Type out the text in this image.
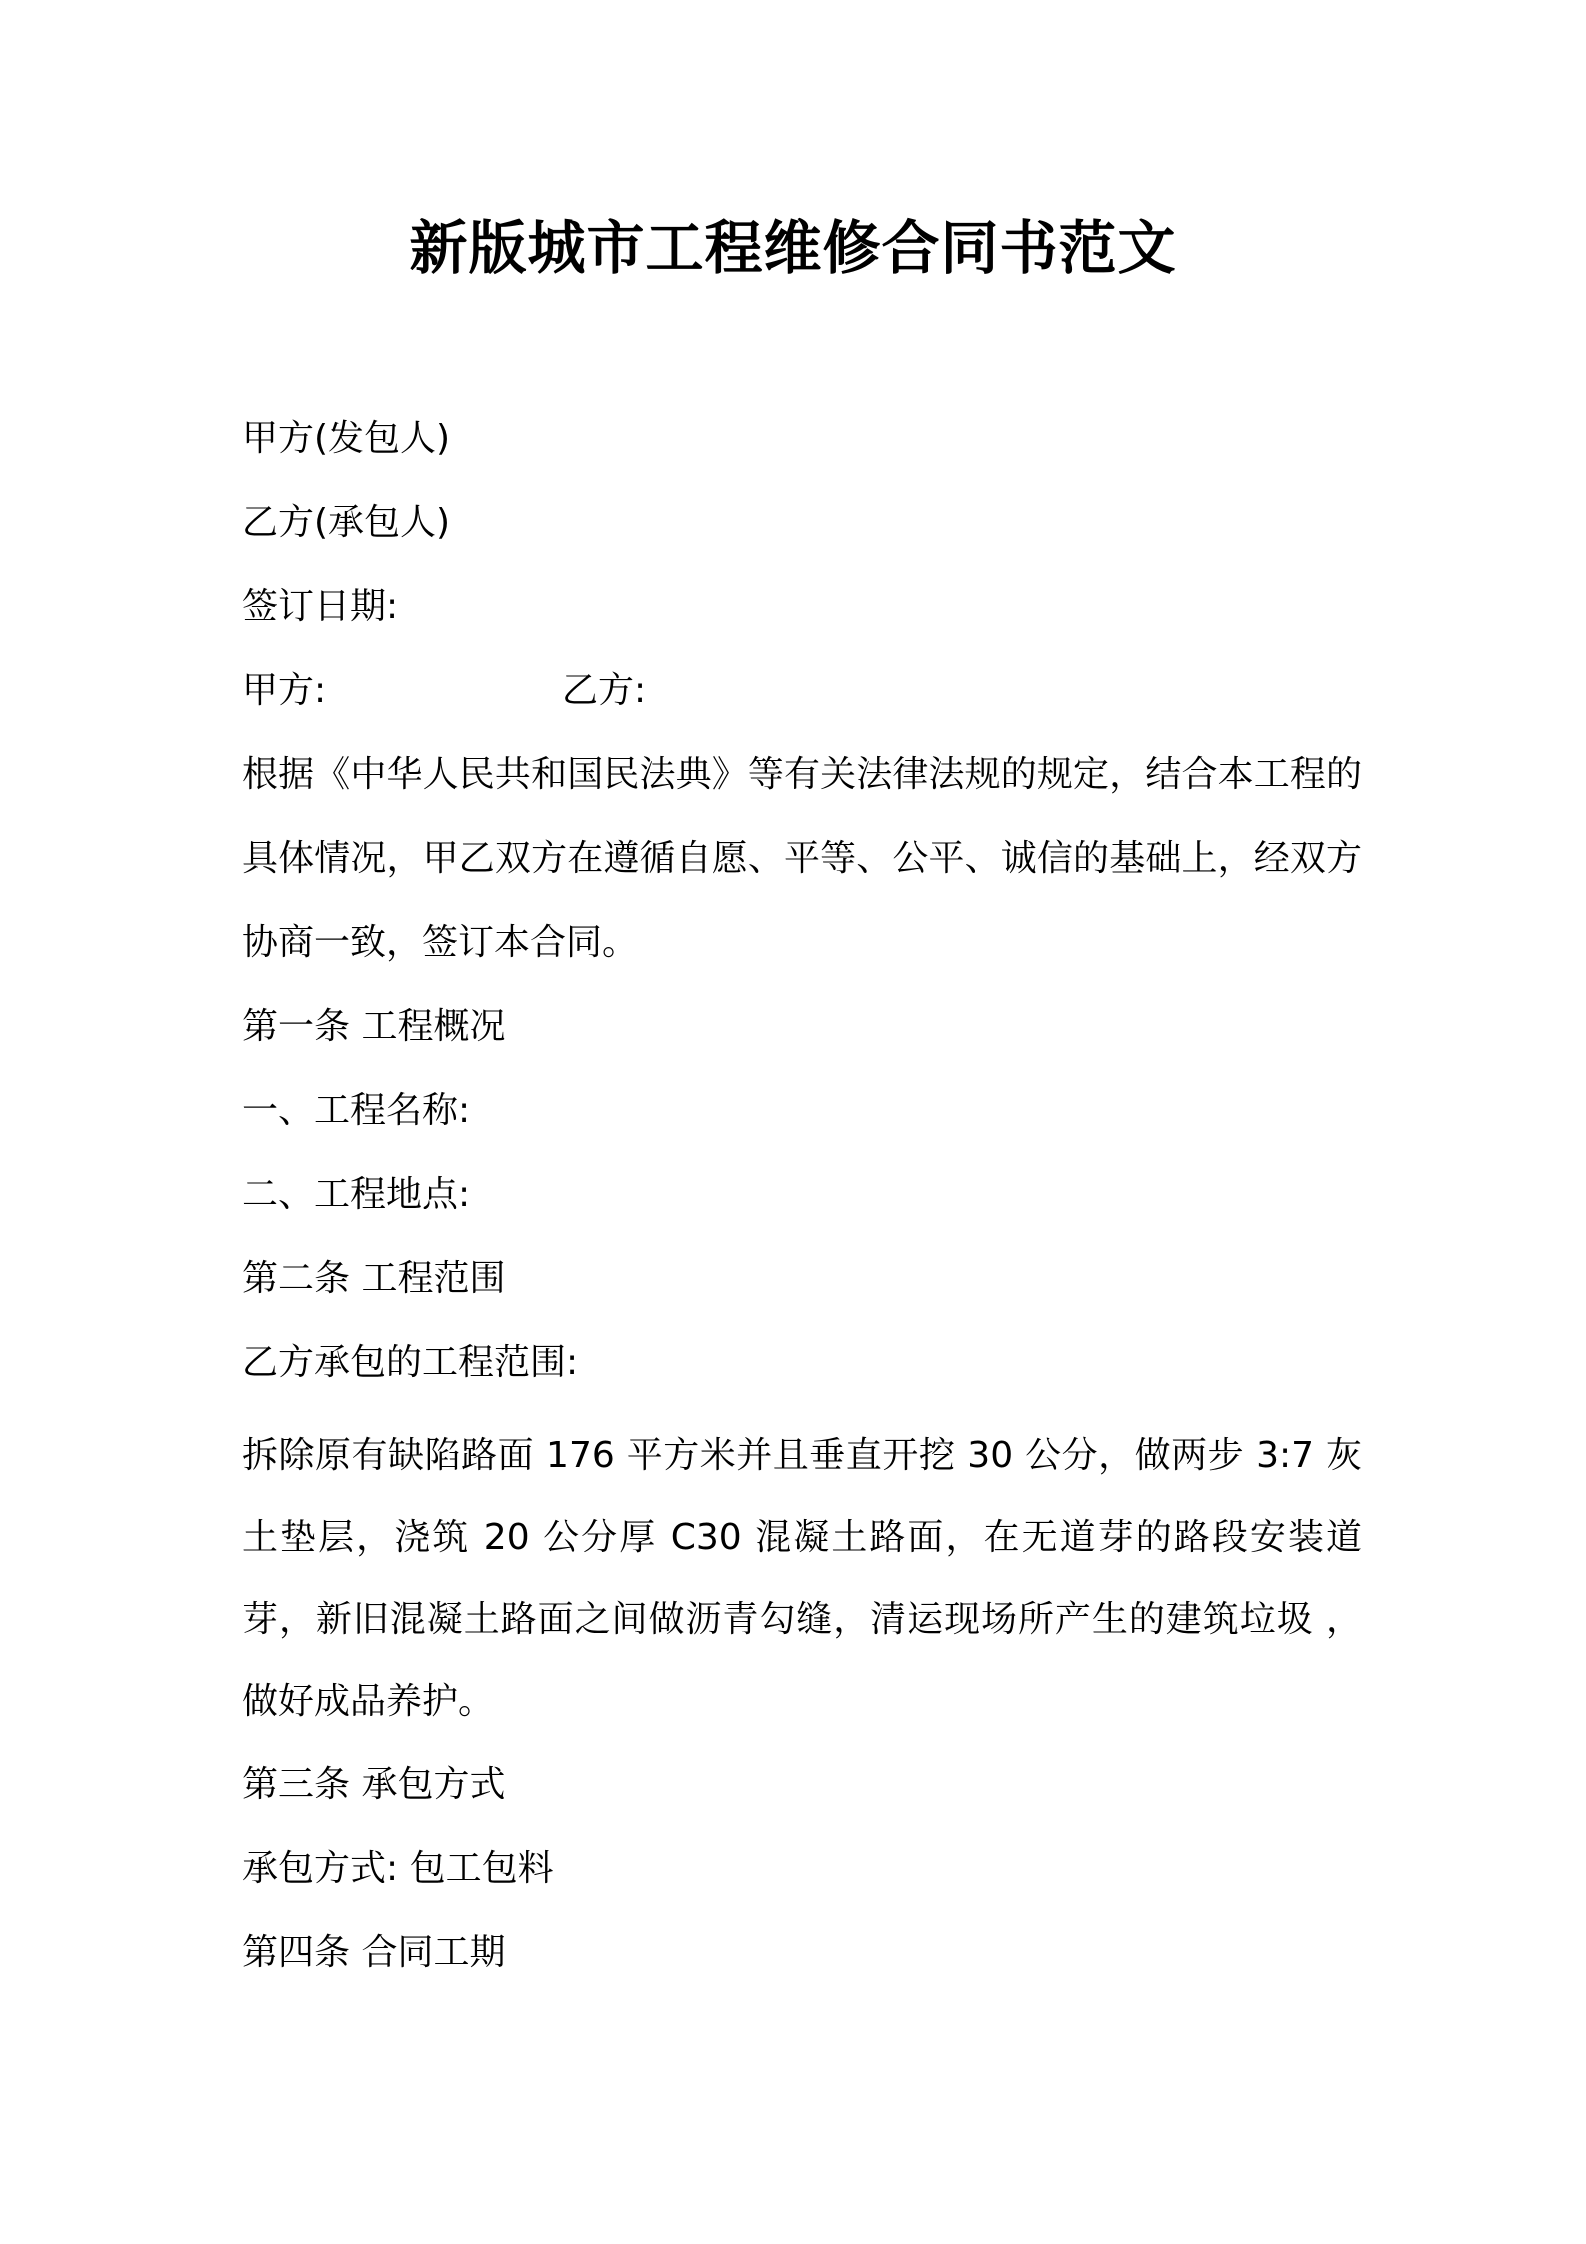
新版城市工程维修合同书范文

甲方(发包人)

乙方(承包人)

签订日期:

甲方:	乙方:

根据《中华人民共和国民法典》等有关法律法规的规定，结合本工程的具体情况，甲乙双方在遵循自愿、平等、公平、诚信的基础上，经双方协商一致，签订本合同。

第一条 工程概况

一、工程名称:

二、工程地点:

第二条 工程范围

乙方承包的工程范围:

拆除原有缺陷路面 176 平方米并且垂直开挖 30 公分，做两步 3:7 灰土垫层，浇筑 20 公分厚 C30 混凝土路面，在无道芽的路段安装道芽，新旧混凝土路面之间做沥青勾缝，清运现场所产生的建筑垃圾 ，做好成品养护。

第三条 承包方式

承包方式: 包工包料

第四条 合同工期
